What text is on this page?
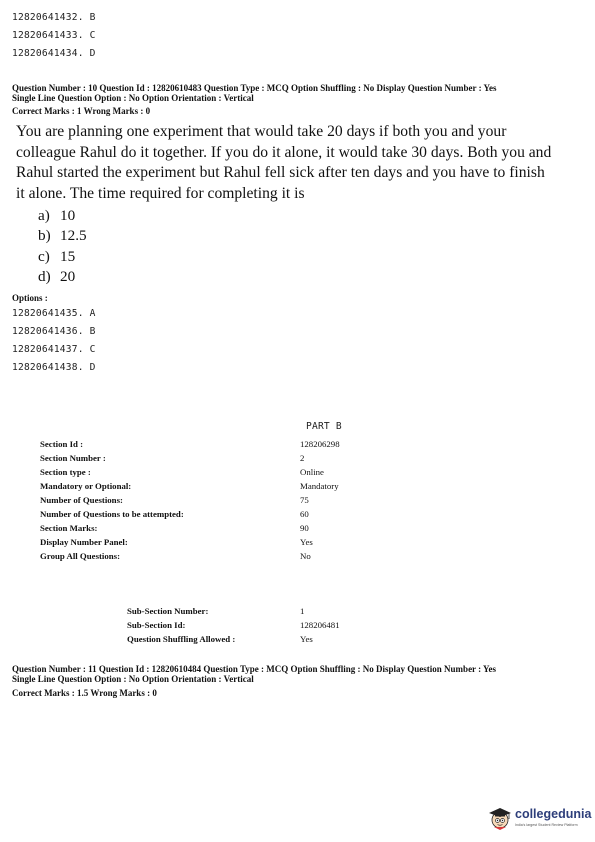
12820641432. B
12820641433. C
12820641434. D
Question Number : 10 Question Id : 12820610483 Question Type : MCQ Option Shuffling : No Display Question Number : Yes
Single Line Question Option : No Option Orientation : Vertical
Correct Marks : 1 Wrong Marks : 0
You are planning one experiment that would take 20 days if both you and your
colleague Rahul do it together. If you do it alone, it would take 30 days. Both you and
Rahul started the experiment but Rahul fell sick after ten days and you have to finish
it alone. The time required for completing it is
a) 10
b) 12.5
c) 15
d) 20
Options :
12820641435. A
12820641436. B
12820641437. C
12820641438. D
PART B
Section Id :	128206298
Section Number :	2
Section type :	Online
Mandatory or Optional:	Mandatory
Number of Questions:	75
Number of Questions to be attempted:	60
Section Marks:	90
Display Number Panel:	Yes
Group All Questions:	No
Sub-Section Number:	1
Sub-Section Id:	128206481
Question Shuffling Allowed :	Yes
Question Number : 11 Question Id : 12820610484 Question Type : MCQ Option Shuffling : No Display Question Number : Yes
Single Line Question Option : No Option Orientation : Vertical
Correct Marks : 1.5 Wrong Marks : 0
collegedunia
India's largest Student Review Platform
